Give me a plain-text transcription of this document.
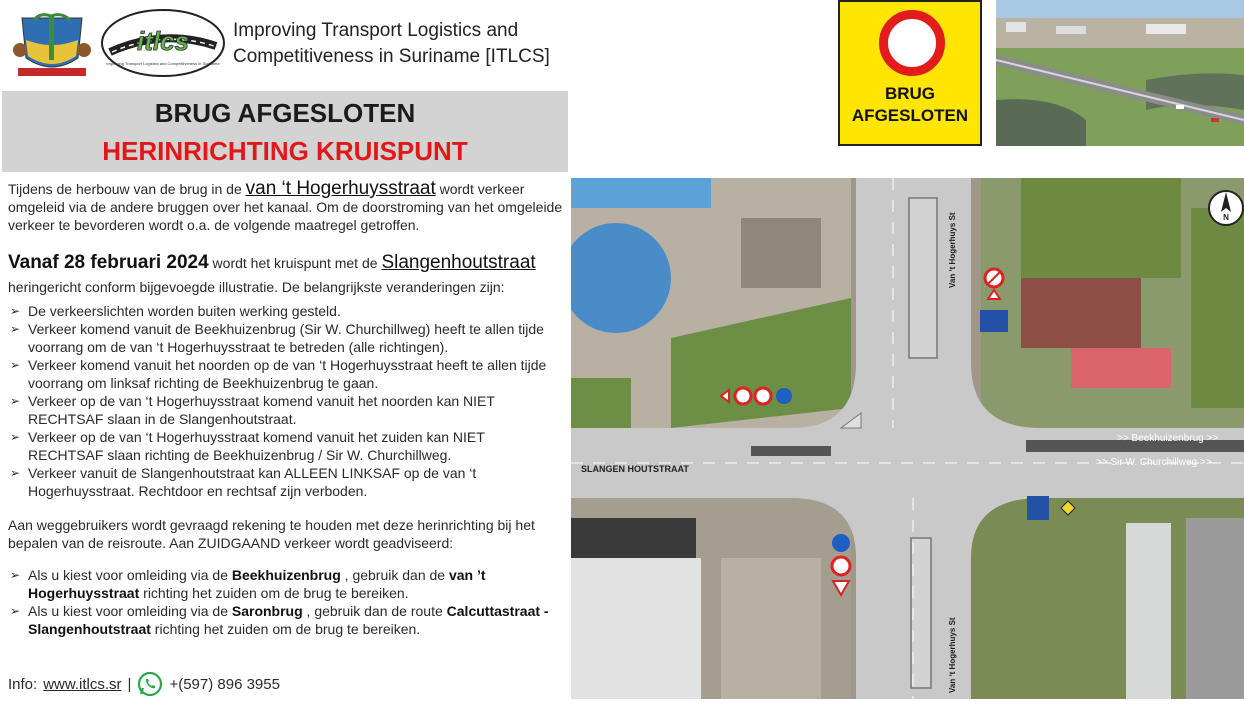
itlcs
Improving Transport Logistics and Competitiveness in Suriname
Improving Transport Logistics and
Competitiveness in Suriname [ITLCS]
BRUG AFGESLOTEN
HERINRICHTING KRUISPUNT
Tijdens de herbouw van de brug in de van ‘t Hogerhuysstraat wordt verkeer omgeleid via de andere bruggen over het kanaal. Om de doorstroming van het omgeleide verkeer te bevorderen wordt o.a. de volgende maatregel getroffen.
Vanaf 28 februari 2024 wordt het kruispunt met de Slangenhoutstraat
heringericht conform bijgevoegde illustratie. De belangrijkste veranderingen zijn:
➢ De verkeerslichten worden buiten werking gesteld.
➢ Verkeer komend vanuit de Beekhuizenbrug (Sir W. Churchillweg) heeft te allen tijde voorrang om de van ‘t Hogerhuysstraat te betreden (alle richtingen).
➢ Verkeer komend vanuit het noorden op de van ‘t Hogerhuysstraat heeft te allen tijde voorrang om linksaf richting de Beekhuizenbrug te gaan.
➢ Verkeer op de van ‘t Hogerhuysstraat komend vanuit het noorden kan NIET RECHTSAF slaan in de Slangenhoutstraat.
➢ Verkeer op de van ‘t Hogerhuysstraat komend vanuit het zuiden kan NIET RECHTSAF slaan richting de Beekhuizenbrug / Sir W. Churchillweg.
➢ Verkeer vanuit de Slangenhoutstraat kan ALLEEN LINKSAF op de van ‘t Hogerhuysstraat. Rechtdoor en rechtsaf zijn verboden.
Aan weggebruikers wordt gevraagd rekening te houden met deze herinrichting bij het bepalen van de reisroute. Aan ZUIDGAAND verkeer wordt geadviseerd:
➢ Als u kiest voor omleiding via de Beekhuizenbrug , gebruik dan de van ’t Hogerhuysstraat richting het zuiden om de brug te bereiken.
➢ Als u kiest voor omleiding via de Saronbrug , gebruik dan de route Calcuttastraat - Slangenhoutstraat richting het zuiden om de brug te bereiken.
Info: www.itlcs.sr |	+(597) 896 3955
BRUG
AFGESLOTEN
SLANGEN HOUTSTRAAT
Van ‘t Hogerhuys St
Van ‘t Hogerhuys St
>> Beekhuizenbrug >>
>> Sir W. Churchillweg >>
N
